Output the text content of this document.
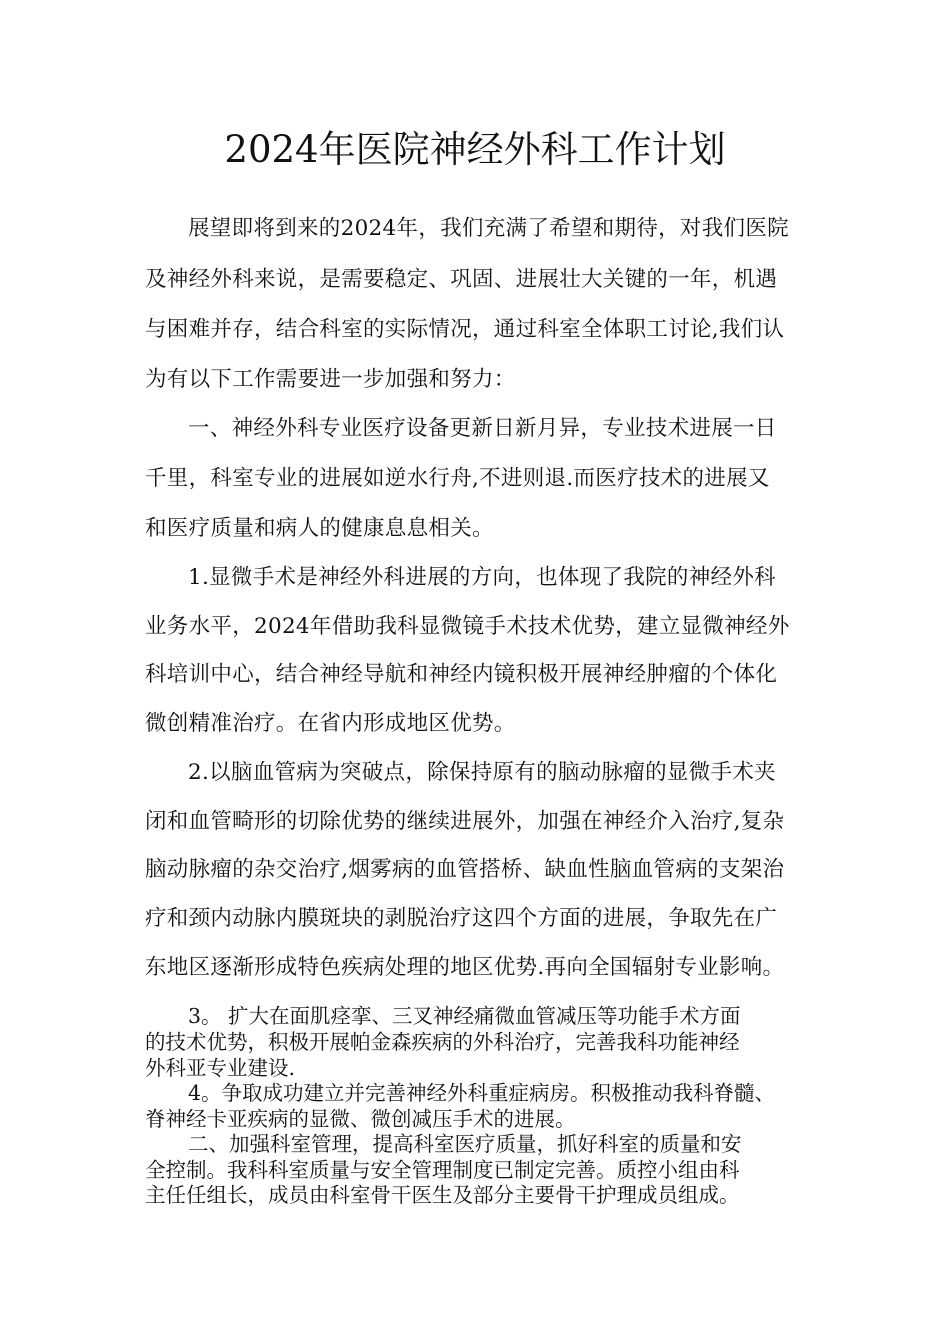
2024年医院神经外科工作计划
展望即将到来的2024年，我们充满了希望和期待，对我们医院
及神经外科来说，是需要稳定、巩固、进展壮大关键的一年，机遇
与困难并存，结合科室的实际情况，通过科室全体职工讨论,我们认
为有以下工作需要进一步加强和努力：
一、神经外科专业医疗设备更新日新月异，专业技术进展一日
千里，科室专业的进展如逆水行舟,不进则退.而医疗技术的进展又
和医疗质量和病人的健康息息相关。
1.显微手术是神经外科进展的方向，也体现了我院的神经外科
业务水平，2024年借助我科显微镜手术技术优势，建立显微神经外
科培训中心，结合神经导航和神经内镜积极开展神经肿瘤的个体化
微创精准治疗。在省内形成地区优势。
2.以脑血管病为突破点，除保持原有的脑动脉瘤的显微手术夹
闭和血管畸形的切除优势的继续进展外，加强在神经介入治疗,复杂
脑动脉瘤的杂交治疗,烟雾病的血管搭桥、缺血性脑血管病的支架治
疗和颈内动脉内膜斑块的剥脱治疗这四个方面的进展，争取先在广
东地区逐渐形成特色疾病处理的地区优势.再向全国辐射专业影响。
3。 扩大在面肌痉挛、三叉神经痛微血管减压等功能手术方面
的技术优势，积极开展帕金森疾病的外科治疗，完善我科功能神经
外科亚专业建设.
4。争取成功建立并完善神经外科重症病房。积极推动我科脊髓、
脊神经卡亚疾病的显微、微创减压手术的进展。
二、加强科室管理，提高科室医疗质量，抓好科室的质量和安
全控制。我科科室质量与安全管理制度已制定完善。质控小组由科
主任任组长，成员由科室骨干医生及部分主要骨干护理成员组成。
